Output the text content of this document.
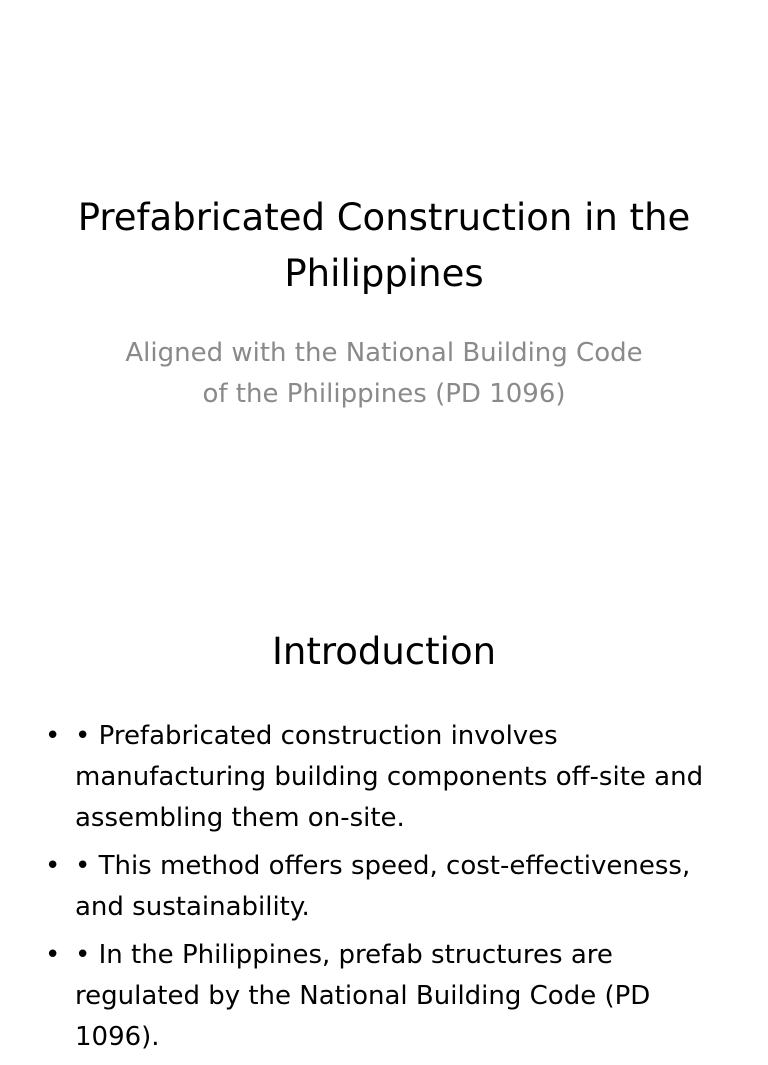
Prefabricated Construction in the Philippines

Aligned with the National Building Code of the Philippines (PD 1096)

Introduction
• • Prefabricated construction involves manufacturing building components off-site and assembling them on-site.
• • This method offers speed, cost-effectiveness, and sustainability.
• • In the Philippines, prefab structures are regulated by the National Building Code (PD 1096).
